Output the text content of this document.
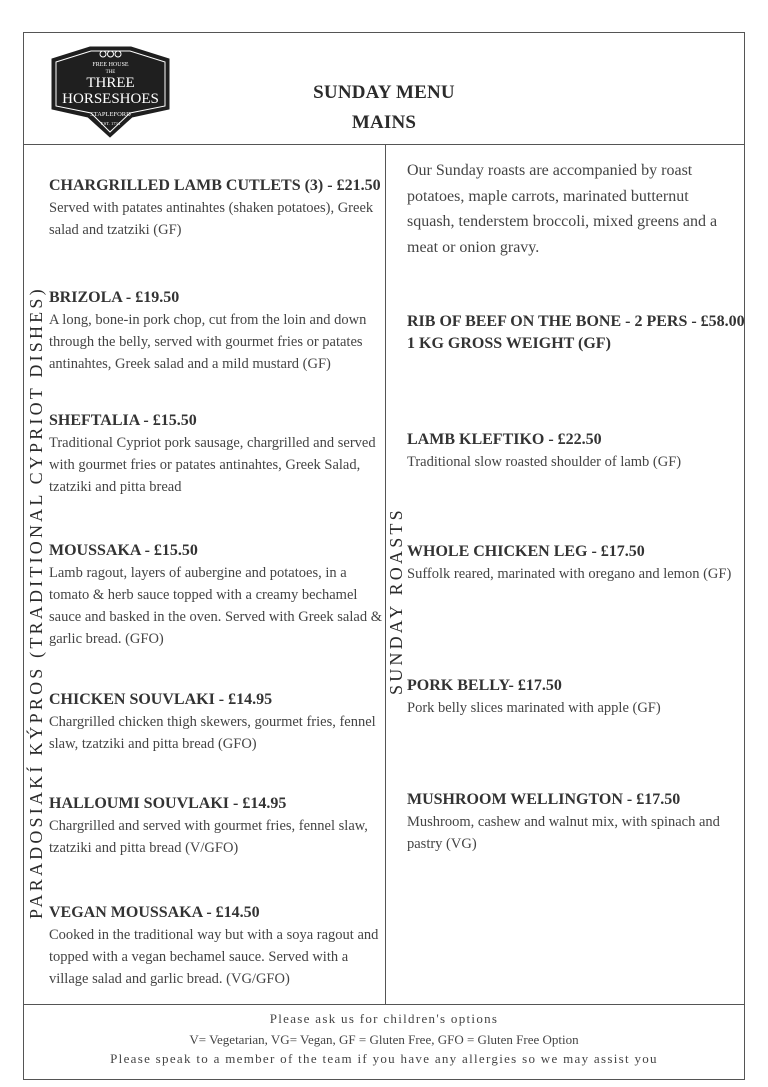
FREE HOUSE
THE
THREE
HORSESHOES
STAPLEFORD
EST. 1734
SUNDAY MENU
MAINS
PARADOSIAKÍ KÝPROS (TRADITIONAL CYPRIOT DISHES)	SUNDAY ROASTS
CHARGRILLED LAMB CUTLETS (3) - £21.50
Served with patates antinahtes (shaken potatoes), Greek salad and tzatziki (GF)
BRIZOLA - £19.50
A long, bone-in pork chop, cut from the loin and down through the belly, served with gourmet fries or patates antinahtes, Greek salad and a mild mustard (GF)
SHEFTALIA - £15.50
Traditional Cypriot pork sausage, chargrilled and served with gourmet fries or patates antinahtes, Greek Salad, tzatziki and pitta bread
MOUSSAKA - £15.50
Lamb ragout, layers of aubergine and potatoes, in a tomato & herb sauce topped with a creamy bechamel sauce and basked in the oven. Served with Greek salad & garlic bread. (GFO)
CHICKEN SOUVLAKI - £14.95
Chargrilled chicken thigh skewers, gourmet fries, fennel slaw, tzatziki and pitta bread (GFO)
HALLOUMI SOUVLAKI - £14.95
Chargrilled and served with gourmet fries, fennel slaw, tzatziki and pitta bread (V/GFO)
VEGAN MOUSSAKA - £14.50
Cooked in the traditional way but with a soya ragout and topped with a vegan bechamel sauce. Served with a village salad and garlic bread. (VG/GFO)
Our Sunday roasts are accompanied by roast potatoes, maple carrots, marinated butternut squash, tenderstem broccoli, mixed greens and a meat or onion gravy.
RIB OF BEEF ON THE BONE - 2 PERS - £58.00
1 KG GROSS WEIGHT (GF)
LAMB KLEFTIKO - £22.50
Traditional slow roasted shoulder of lamb (GF)
WHOLE CHICKEN LEG - £17.50
Suffolk reared, marinated with oregano and lemon (GF)
PORK BELLY- £17.50
Pork belly slices marinated with apple (GF)
MUSHROOM WELLINGTON - £17.50
Mushroom, cashew and walnut mix, with spinach and pastry (VG)
Please ask us for children's options
V= Vegetarian, VG= Vegan, GF = Gluten Free, GFO = Gluten Free Option
Please speak to a member of the team if you have any allergies so we may assist you
